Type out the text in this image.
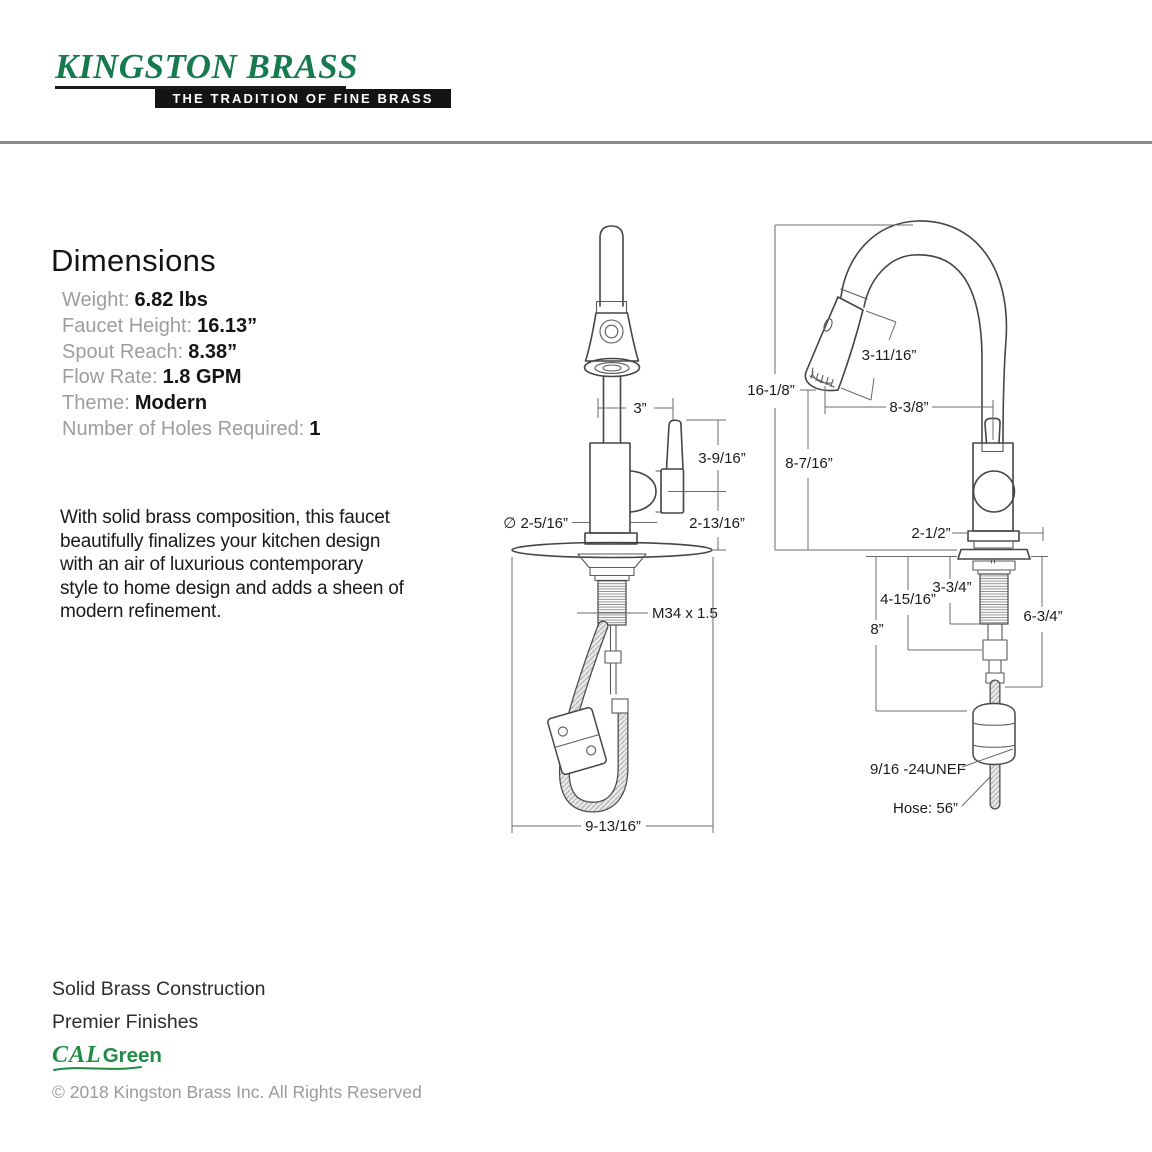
KINGSTON BRASS
THE TRADITION OF FINE BRASS
Dimensions
Weight: 6.82 lbs
Faucet Height: 16.13”
Spout Reach: 8.38”
Flow Rate: 1.8 GPM
Theme: Modern
Number of Holes Required: 1
With solid brass composition, this faucet
beautifully finalizes your kitchen design
with an air of luxurious contemporary
style to home design and adds a sheen of
modern refinement.
3”
3-9/16”
2-13/16”
∅ 2-5/16”
M34 x 1.5
9-13/16”
16-1/8”
3-11/16”
8-3/8”
8-7/16”
2-1/2”
3-3/4”
4-15/16”
8”
6-3/4”
9/16 -24UNEF
Hose: 56”
Solid Brass Construction
Premier Finishes
CAL Green
© 2018 Kingston Brass Inc. All Rights Reserved
